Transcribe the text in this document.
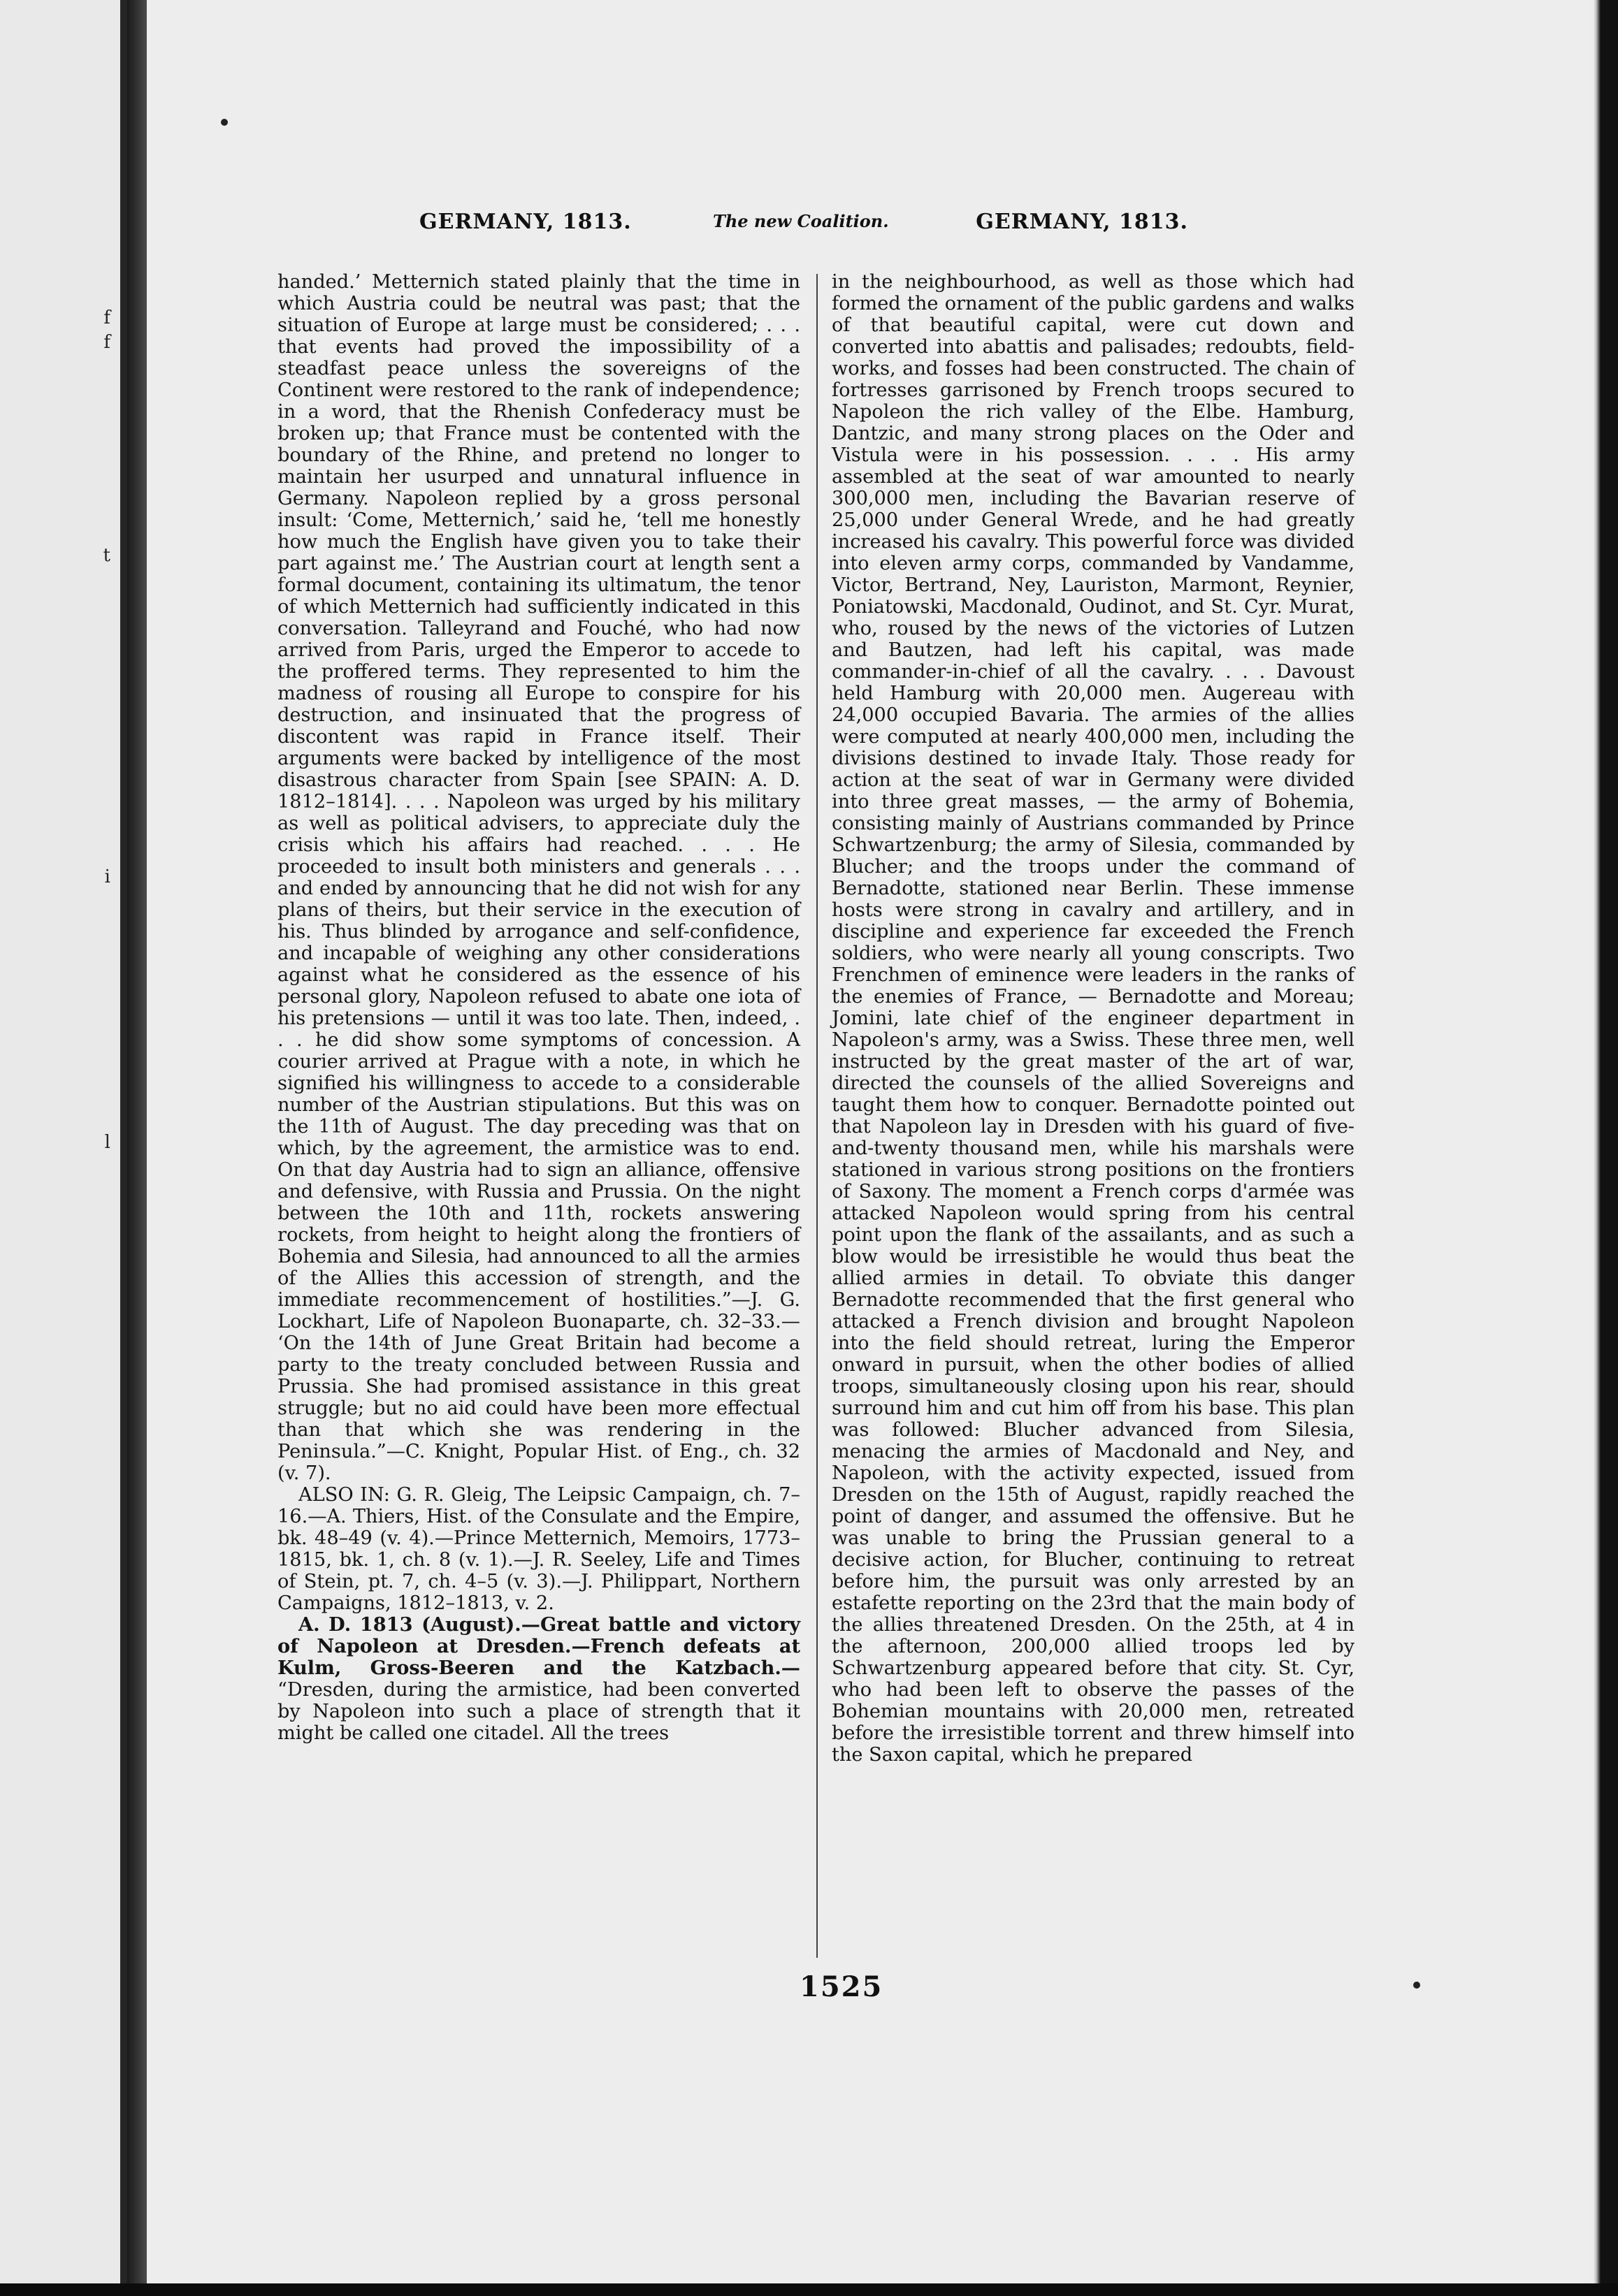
f
f
t
i
l
GERMANY, 1813.	The new Coalition.	GERMANY, 1813.

handed.’ Metternich stated plainly that the time in which Austria could be neutral was past; that the situation of Europe at large must be considered; . . . that events had proved the impossibility of a steadfast peace unless the sovereigns of the Continent were restored to the rank of independence; in a word, that the Rhenish Confederacy must be broken up; that France must be contented with the boundary of the Rhine, and pretend no longer to maintain her usurped and unnatural influence in Germany. Napoleon replied by a gross personal insult: ‘Come, Metternich,’ said he, ‘tell me honestly how much the English have given you to take their part against me.’ The Austrian court at length sent a formal document, containing its ultimatum, the tenor of which Metternich had sufficiently indicated in this conversation. Talleyrand and Fouché, who had now arrived from Paris, urged the Emperor to accede to the proffered terms. They represented to him the madness of rousing all Europe to conspire for his destruction, and insinuated that the progress of discontent was rapid in France itself. Their arguments were backed by intelligence of the most disastrous character from Spain [see SPAIN: A. D. 1812–1814]. . . . Napoleon was urged by his military as well as political advisers, to appreciate duly the crisis which his affairs had reached. . . . He proceeded to insult both ministers and generals . . . and ended by announcing that he did not wish for any plans of theirs, but their service in the execution of his. Thus blinded by arrogance and self-confidence, and incapable of weighing any other considerations against what he considered as the essence of his personal glory, Napoleon refused to abate one iota of his pretensions — until it was too late. Then, indeed, . . . he did show some symptoms of concession. A courier arrived at Prague with a note, in which he signified his willingness to accede to a considerable number of the Austrian stipulations. But this was on the 11th of August. The day preceding was that on which, by the agreement, the armistice was to end. On that day Austria had to sign an alliance, offensive and defensive, with Russia and Prussia. On the night between the 10th and 11th, rockets answering rockets, from height to height along the frontiers of Bohemia and Silesia, had announced to all the armies of the Allies this accession of strength, and the immediate recommencement of hostilities.”—J. G. Lockhart, Life of Napoleon Buonaparte, ch. 32–33.— ‘On the 14th of June Great Britain had become a party to the treaty concluded between Russia and Prussia. She had promised assistance in this great struggle; but no aid could have been more effectual than that which she was rendering in the Peninsula.”—C. Knight, Popular Hist. of Eng., ch. 32 (v. 7).

ALSO IN: G. R. Gleig, The Leipsic Campaign, ch. 7–16.—A. Thiers, Hist. of the Consulate and the Empire, bk. 48–49 (v. 4).—Prince Metternich, Memoirs, 1773–1815, bk. 1, ch. 8 (v. 1).—J. R. Seeley, Life and Times of Stein, pt. 7, ch. 4–5 (v. 3).—J. Philippart, Northern Campaigns, 1812–1813, v. 2.

A. D. 1813 (August).—Great battle and victory of Napoleon at Dresden.—French defeats at Kulm, Gross-Beeren and the Katzbach.— “Dresden, during the armistice, had been converted by Napoleon into such a place of strength that it might be called one citadel. All the trees

in the neighbourhood, as well as those which had formed the ornament of the public gardens and walks of that beautiful capital, were cut down and converted into abattis and palisades; redoubts, field-works, and fosses had been constructed. The chain of fortresses garrisoned by French troops secured to Napoleon the rich valley of the Elbe. Hamburg, Dantzic, and many strong places on the Oder and Vistula were in his possession. . . . His army assembled at the seat of war amounted to nearly 300,000 men, including the Bavarian reserve of 25,000 under General Wrede, and he had greatly increased his cavalry. This powerful force was divided into eleven army corps, commanded by Vandamme, Victor, Bertrand, Ney, Lauriston, Marmont, Reynier, Poniatowski, Macdonald, Oudinot, and St. Cyr. Murat, who, roused by the news of the victories of Lutzen and Bautzen, had left his capital, was made commander-in-chief of all the cavalry. . . . Davoust held Hamburg with 20,000 men. Augereau with 24,000 occupied Bavaria. The armies of the allies were computed at nearly 400,000 men, including the divisions destined to invade Italy. Those ready for action at the seat of war in Germany were divided into three great masses, — the army of Bohemia, consisting mainly of Austrians commanded by Prince Schwartzenburg; the army of Silesia, commanded by Blucher; and the troops under the command of Bernadotte, stationed near Berlin. These immense hosts were strong in cavalry and artillery, and in discipline and experience far exceeded the French soldiers, who were nearly all young conscripts. Two Frenchmen of eminence were leaders in the ranks of the enemies of France, — Bernadotte and Moreau; Jomini, late chief of the engineer department in Napoleon's army, was a Swiss. These three men, well instructed by the great master of the art of war, directed the counsels of the allied Sovereigns and taught them how to conquer. Bernadotte pointed out that Napoleon lay in Dresden with his guard of five-and-twenty thousand men, while his marshals were stationed in various strong positions on the frontiers of Saxony. The moment a French corps d'armée was attacked Napoleon would spring from his central point upon the flank of the assailants, and as such a blow would be irresistible he would thus beat the allied armies in detail. To obviate this danger Bernadotte recommended that the first general who attacked a French division and brought Napoleon into the field should retreat, luring the Emperor onward in pursuit, when the other bodies of allied troops, simultaneously closing upon his rear, should surround him and cut him off from his base. This plan was followed: Blucher advanced from Silesia, menacing the armies of Macdonald and Ney, and Napoleon, with the activity expected, issued from Dresden on the 15th of August, rapidly reached the point of danger, and assumed the offensive. But he was unable to bring the Prussian general to a decisive action, for Blucher, continuing to retreat before him, the pursuit was only arrested by an estafette reporting on the 23rd that the main body of the allies threatened Dresden. On the 25th, at 4 in the afternoon, 200,000 allied troops led by Schwartzenburg appeared before that city. St. Cyr, who had been left to observe the passes of the Bohemian mountains with 20,000 men, retreated before the irresistible torrent and threw himself into the Saxon capital, which he prepared

1525
